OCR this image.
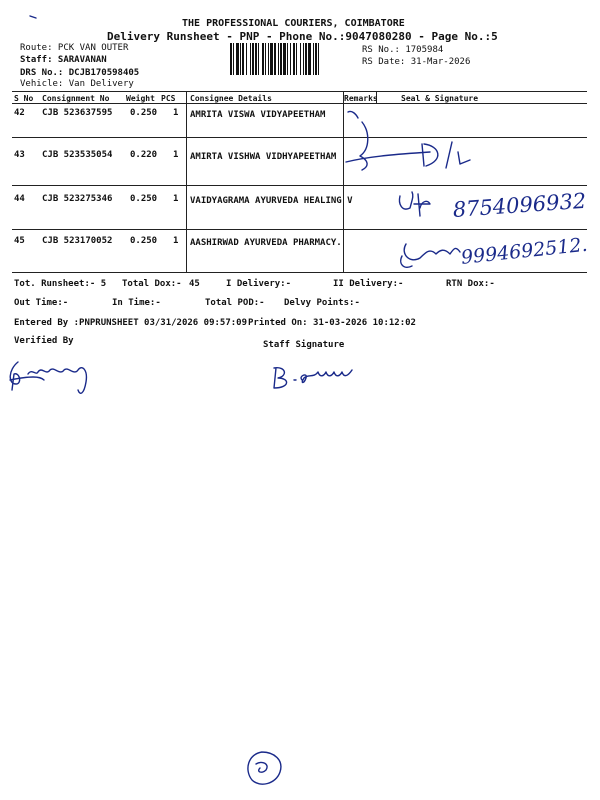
THE PROFESSIONAL COURIERS, COIMBATORE
Delivery Runsheet - PNP - Phone No.:9047080280 - Page No.:5
Route: PCK VAN OUTER
Staff: SARAVANAN
DRS No.: DCJB170598405
Vehicle: Van Delivery
RS No.: 1705984
RS Date: 31-Mar-2026
S No Consignment No Weight PCS Consignee Details	Remarks	Seal & Signature
42 CJB 523637595 0.250 1 AMRITA VISWA VIDYAPEETHAM
43 CJB 523535054 0.220 1 AMIRTA VISHWA VIDHYAPEETHAM
44 CJB 523275346 0.250 1 VAIDYAGRAMA AYURVEDA HEALING V
45 CJB 523170052 0.250 1 AASHIRWAD AYURVEDA PHARMACY.
8754096932
9994692512.
Tot. Runsheet:- 5 Total Dox:- 45	I Delivery:-	II Delivery:-	RTN Dox:-
Out Time:-	In Time:-	Total POD:- Delvy Points:-
Entered By :PNPRUNSHEET 03/31/2026 09:57:09 Printed On: 31-03-2026 10:12:02
Verified By	Staff Signature
